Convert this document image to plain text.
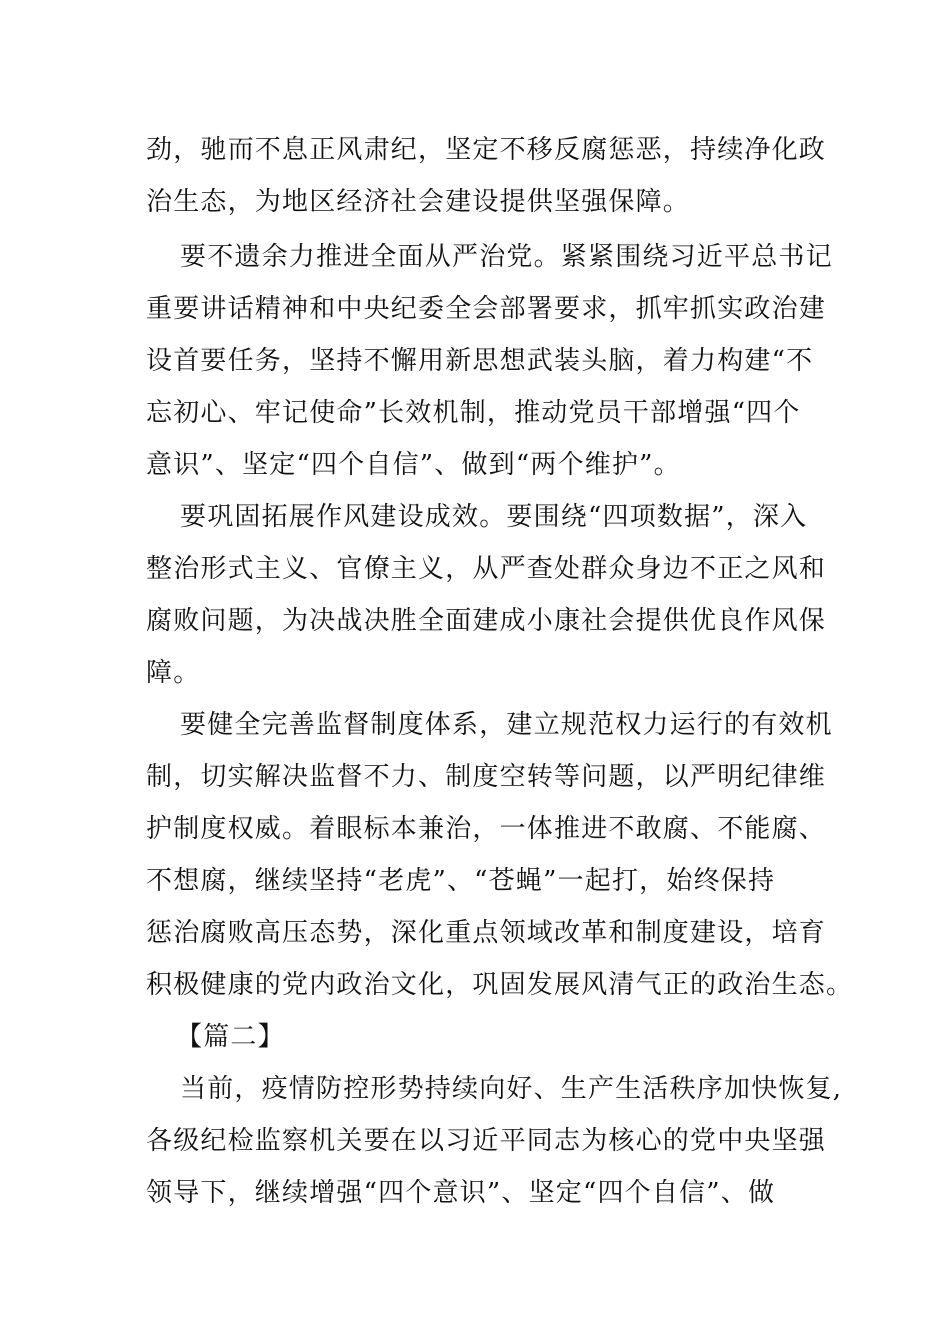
劲，驰而不息正风肃纪，坚定不移反腐惩恶，持续净化政
治生态，为地区经济社会建设提供坚强保障。
要不遗余力推进全面从严治党。紧紧围绕习近平总书记
重要讲话精神和中央纪委全会部署要求，抓牢抓实政治建
设首要任务，坚持不懈用新思想武装头脑，着力构建“不
忘初心、牢记使命”长效机制，推动党员干部增强“四个
意识”、坚定“四个自信”、做到“两个维护”。
要巩固拓展作风建设成效。要围绕“四项数据”，深入
整治形式主义、官僚主义，从严查处群众身边不正之风和
腐败问题，为决战决胜全面建成小康社会提供优良作风保
障。
要健全完善监督制度体系，建立规范权力运行的有效机
制，切实解决监督不力、制度空转等问题，以严明纪律维
护制度权威。着眼标本兼治，一体推进不敢腐、不能腐、
不想腐，继续坚持“老虎”、“苍蝇”一起打，始终保持
惩治腐败高压态势，深化重点领域改革和制度建设，培育
积极健康的党内政治文化，巩固发展风清气正的政治生态。
【篇二】
当前，疫情防控形势持续向好、生产生活秩序加快恢复,
各级纪检监察机关要在以习近平同志为核心的党中央坚强
领导下，继续增强“四个意识”、坚定“四个自信”、做
